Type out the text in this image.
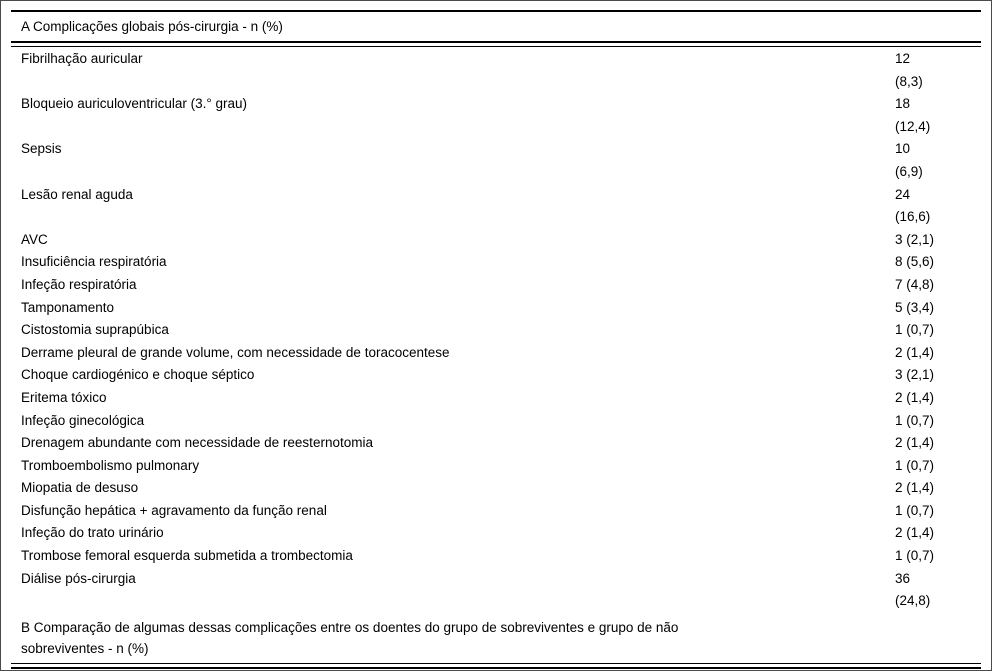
A Complicações globais pós-cirurgia - n (%)
Fibrilhação auricular	12
(8,3)
Bloqueio auriculoventricular (3.° grau)	18
(12,4)
Sepsis	10
(6,9)
Lesão renal aguda	24
(16,6)
AVC	3 (2,1)
Insuficiência respiratória	8 (5,6)
Infeção respiratória	7 (4,8)
Tamponamento	5 (3,4)
Cistostomia suprapúbica	1 (0,7)
Derrame pleural de grande volume, com necessidade de toracocentese	2 (1,4)
Choque cardiogénico e choque séptico	3 (2,1)
Eritema tóxico	2 (1,4)
Infeção ginecológica	1 (0,7)
Drenagem abundante com necessidade de reesternotomia	2 (1,4)
Tromboembolismo pulmonary	1 (0,7)
Miopatia de desuso	2 (1,4)
Disfunção hepática + agravamento da função renal	1 (0,7)
Infeção do trato urinário	2 (1,4)
Trombose femoral esquerda submetida a trombectomia	1 (0,7)
Diálise pós-cirurgia	36
(24,8)
B Comparação de algumas dessas complicações entre os doentes do grupo de sobreviventes e grupo de não
sobreviventes - n (%)
